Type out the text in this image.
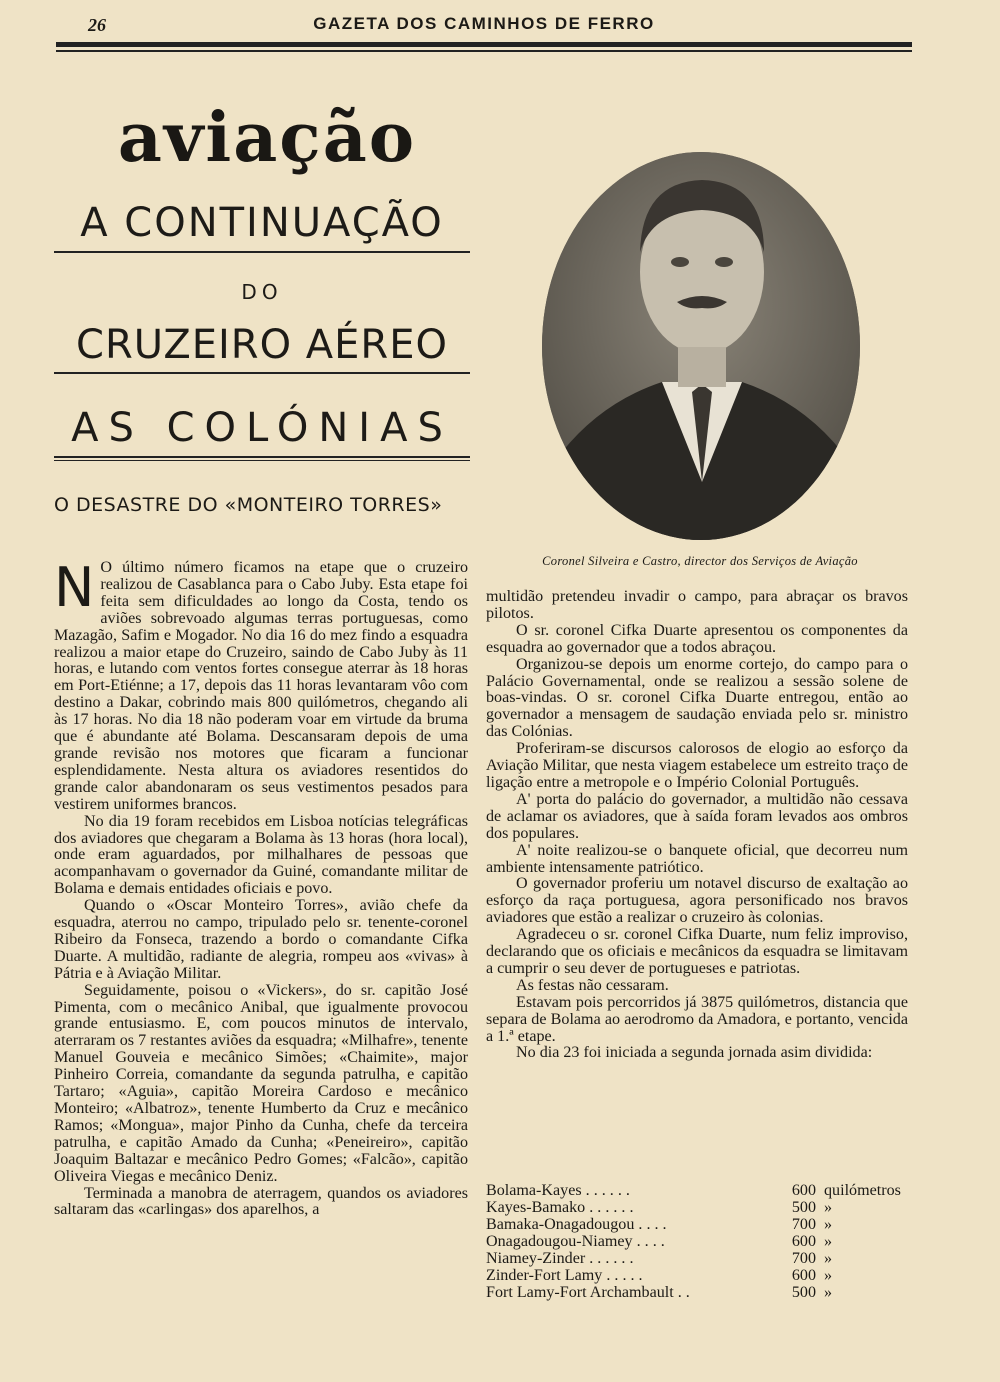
26	GAZETA DOS CAMINHOS DE FERRO
aviação
A CONTINUAÇÃO
DO
CRUZEIRO AÉREO
AS COLÓNIAS
O DESASTRE DO «MONTEIRO TORRES»
Coronel Silveira e Castro, director dos Serviços de Aviação
N O último número ficamos na etape que o cruzeiro realizou de Casablanca para o Cabo Juby. Esta etape foi feita sem dificuldades ao longo da Costa, tendo os aviões sobrevoado algumas terras portuguesas, como Mazagão, Safim e Mogador. No dia 16 do mez findo a esquadra realizou a maior etape do Cruzeiro, saindo de Cabo Juby às 11 horas, e lutando com ventos fortes consegue aterrar às 18 horas em Port-Etiénne; a 17, depois das 11 horas levantaram vôo com destino a Dakar, cobrindo mais 800 quilómetros, chegando ali às 17 horas. No dia 18 não poderam voar em virtude da bruma que é abundante até Bolama. Descansaram depois de uma grande revisão nos motores que ficaram a funcionar esplendidamente. Nesta altura os aviadores resentidos do grande calor abandonaram os seus vestimentos pesados para vestirem uniformes brancos.

No dia 19 foram recebidos em Lisboa notícias telegráficas dos aviadores que chegaram a Bolama às 13 horas (hora local), onde eram aguardados, por milhalhares de pessoas que acompanhavam o governador da Guiné, comandante militar de Bolama e demais entidades oficiais e povo.

Quando o «Oscar Monteiro Torres», avião chefe da esquadra, aterrou no campo, tripulado pelo sr. tenente-coronel Ribeiro da Fonseca, trazendo a bordo o comandante Cifka Duarte. A multidão, radiante de alegria, rompeu aos «vivas» à Pátria e à Aviação Militar.

Seguidamente, poisou o «Vickers», do sr. capitão José Pimenta, com o mecânico Anibal, que igualmente provocou grande entusiasmo. E, com poucos minutos de intervalo, aterraram os 7 restantes aviões da esquadra; «Milhafre», tenente Manuel Gouveia e mecânico Simões; «Chaimite», major Pinheiro Correia, comandante da segunda patrulha, e capitão Tartaro; «Aguia», capitão Moreira Cardoso e mecânico Monteiro; «Albatroz», tenente Humberto da Cruz e mecânico Ramos; «Mongua», major Pinho da Cunha, chefe da terceira patrulha, e capitão Amado da Cunha; «Peneireiro», capitão Joaquim Baltazar e mecânico Pedro Gomes; «Falcão», capitão Oliveira Viegas e mecânico Deniz.

Terminada a manobra de aterragem, quandos os aviadores saltaram das «carlingas» dos aparelhos, a

multidão pretendeu invadir o campo, para abraçar os bravos pilotos.

O sr. coronel Cifka Duarte apresentou os componentes da esquadra ao governador que a todos abraçou.

Organizou-se depois um enorme cortejo, do campo para o Palácio Governamental, onde se realizou a sessão solene de boas-vindas. O sr. coronel Cifka Duarte entregou, então ao governador a mensagem de saudação enviada pelo sr. ministro das Colónias.

Proferiram-se discursos calorosos de elogio ao esforço da Aviação Militar, que nesta viagem estabelece um estreito traço de ligação entre a metropole e o Império Colonial Português.

A' porta do palácio do governador, a multidão não cessava de aclamar os aviadores, que à saída foram levados aos ombros dos populares.

A' noite realizou-se o banquete oficial, que decorreu num ambiente intensamente patriótico.

O governador proferiu um notavel discurso de exaltação ao esforço da raça portuguesa, agora personificado nos bravos aviadores que estão a realizar o cruzeiro às colonias.

Agradeceu o sr. coronel Cifka Duarte, num feliz improviso, declarando que os oficiais e mecânicos da esquadra se limitavam a cumprir o seu dever de portugueses e patriotas.

As festas não cessaram.

Estavam pois percorridos já 3875 quilómetros, distancia que separa de Bolama ao aerodromo da Amadora, e portanto, vencida a 1.ª etape.

No dia 23 foi iniciada a segunda jornada asim dividida:

Bolama-Kayes . . . . . .	600	quilómetros
Kayes-Bamako . . . . . .	500	»
Bamaka-Onagadougou . . . .	700	»
Onagadougou-Niamey . . . .	600	»
Niamey-Zinder . . . . . .	700	»
Zinder-Fort Lamy . . . . .	600	»
Fort Lamy-Fort Archambault . .	500	»
